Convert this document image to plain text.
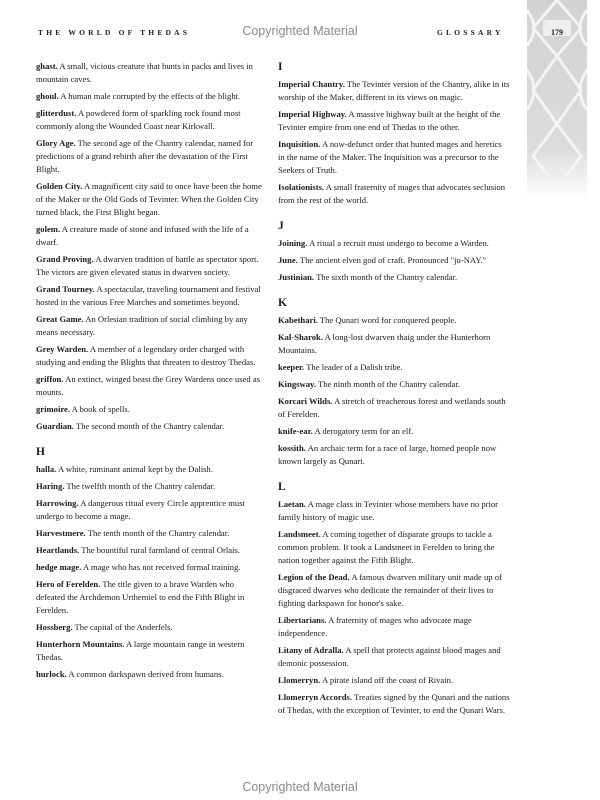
THE WORLD OF THEDAS	Copyrighted Material	GLOSSARY	179
ghast. A small, vicious creature that hunts in packs and lives in mountain caves.
ghoul. A human male corrupted by the effects of the blight.
glitterdust. A powdered form of sparkling rock found most commonly along the Wounded Coast near Kirkwall.
Glory Age. The second age of the Chantry calendar, named for predictions of a grand rebirth after the devastation of the First Blight.
Golden City. A magnificent city said to once have been the home of the Maker or the Old Gods of Tevinter. When the Golden City turned black, the First Blight began.
golem. A creature made of stone and infused with the life of a dwarf.
Grand Proving. A dwarven tradition of battle as spectator sport. The victors are given elevated status in dwarven society.
Grand Tourney. A spectacular, traveling tournament and festival hosted in the various Free Marches and sometimes beyond.
Great Game. An Orlesian tradition of social climbing by any means necessary.
Grey Warden. A member of a legendary order charged with studying and ending the Blights that threaten to destroy Thedas.
griffon. An extinct, winged beast the Grey Wardens once used as mounts.
grimoire. A book of spells.
Guardian. The second month of the Chantry calendar.
H
halla. A white, ruminant animal kept by the Dalish.
Haring. The twelfth month of the Chantry calendar.
Harrowing. A dangerous ritual every Circle apprentice must undergo to become a mage.
Harvestmere. The tenth month of the Chantry calendar.
Heartlands. The bountiful rural farmland of central Orlais.
hedge mage. A mage who has not received formal training.
Hero of Ferelden. The title given to a brave Warden who defeated the Archdemon Urthemiel to end the Fifth Blight in Ferelden.
Hossberg. The capital of the Anderfels.
Hunterhorn Mountains. A large mountain range in western Thedas.
hurlock. A common darkspawn derived from humans.
I
Imperial Chantry. The Tevinter version of the Chantry, alike in its worship of the Maker, different in its views on magic.
Imperial Highway. A massive highway built at the height of the Tevinter empire from one end of Thedas to the other.
Inquisition. A now-defunct order that hunted mages and heretics in the name of the Maker. The Inquisition was a precursor to the Seekers of Truth.
Isolationists. A small fraternity of mages that advocates seclusion from the rest of the world.
J
Joining. A ritual a recruit must undergo to become a Warden.
June. The ancient elven god of craft. Pronounced "ju-NAY."
Justinian. The sixth month of the Chantry calendar.
K
Kabethari. The Qunari word for conquered people.
Kal-Sharok. A long-lost dwarven thaig under the Hunterhorn Mountains.
keeper. The leader of a Dalish tribe.
Kingsway. The ninth month of the Chantry calendar.
Korcari Wilds. A stretch of treacherous forest and wetlands south of Ferelden.
knife-ear. A derogatory term for an elf.
kossith. An archaic term for a race of large, horned people now known largely as Qunari.
L
Laetan. A mage class in Tevinter whose members have no prior family history of magic use.
Landsmeet. A coming together of disparate groups to tackle a common problem. It took a Landsmeet in Ferelden to bring the nation together against the Fifth Blight.
Legion of the Dead. A famous dwarven military unit made up of disgraced dwarves who dedicate the remainder of their lives to fighting darkspawn for honor's sake.
Libertarians. A fraternity of mages who advocate mage independence.
Litany of Adralla. A spell that protects against blood mages and demonic possession.
Llomerryn. A pirate island off the coast of Rivain.
Llomerryn Accords. Treaties signed by the Qunari and the nations of Thedas, with the exception of Tevinter, to end the Qunari Wars.
Copyrighted Material
